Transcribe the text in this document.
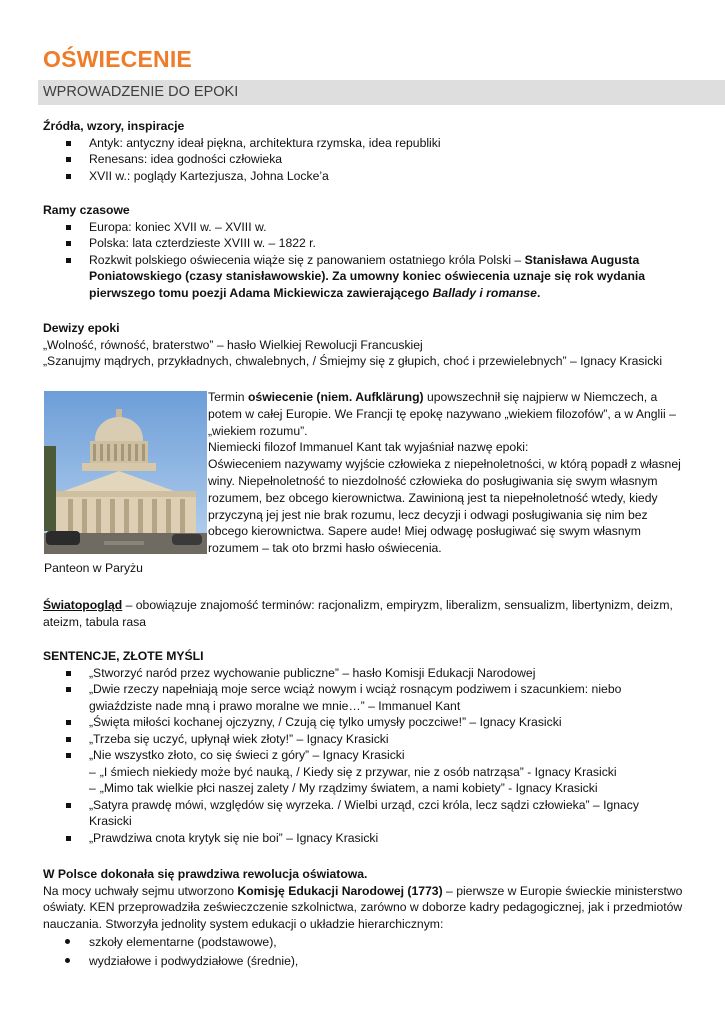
OŚWIECENIE
WPROWADZENIE DO EPOKI
Źródła, wzory, inspiracje
Antyk: antyczny ideał piękna, architektura rzymska, idea republiki
Renesans: idea godności człowieka
XVII w.: poglądy Kartezjusza, Johna Locke’a
Ramy czasowe
Europa: koniec XVII w. – XVIII w.
Polska: lata czterdzieste XVIII w. – 1822 r.
Rozkwit polskiego oświecenia wiąże się z panowaniem ostatniego króla Polski – Stanisława Augusta Poniatowskiego (czasy stanisławowskie). Za umowny koniec oświecenia uznaje się rok wydania pierwszego tomu poezji Adama Mickiewicza zawierającego Ballady i romanse.
Dewizy epoki
„Wolność, równość, braterstwo” – hasło Wielkiej Rewolucji Francuskiej
„Szanujmy mądrych, przykładnych, chwalebnych, / Śmiejmy się z głupich, choć i przewielebnych” – Ignacy Krasicki
Panteon w Paryżu
Termin oświecenie (niem. Aufklärung) upowszechnił się najpierw w Niemczech, a potem w całej Europie. We Francji tę epokę nazywano „wiekiem filozofów”, a w Anglii – „wiekiem rozumu”.
Niemiecki filozof Immanuel Kant tak wyjaśniał nazwę epoki:
Oświeceniem nazywamy wyjście człowieka z niepełnoletności, w którą popadł z własnej winy. Niepełnoletność to niezdolność człowieka do posługiwania się swym własnym rozumem, bez obcego kierownictwa. Zawinioną jest ta niepełnoletność wtedy, kiedy przyczyną jej jest nie brak rozumu, lecz decyzji i odwagi posługiwania się nim bez obcego kierownictwa. Sapere aude! Miej odwagę posługiwać się swym własnym rozumem – tak oto brzmi hasło oświecenia.
Światopogląd – obowiązuje znajomość terminów: racjonalizm, empiryzm, liberalizm, sensualizm, libertynizm, deizm, ateizm, tabula rasa
SENTENCJE, ZŁOTE MYŚLI
„Stworzyć naród przez wychowanie publiczne” – hasło Komisji Edukacji Narodowej
„Dwie rzeczy napełniają moje serce wciąż nowym i wciąż rosnącym podziwem i szacunkiem: niebo gwiaździste nade mną i prawo moralne we mnie…” – Immanuel Kant
„Święta miłości kochanej ojczyzny, / Czują cię tylko umysły poczciwe!” – Ignacy Krasicki
„Trzeba się uczyć, upłynął wiek złoty!” – Ignacy Krasicki
„Nie wszystko złoto, co się świeci z góry” – Ignacy Krasicki
– „I śmiech niekiedy może być nauką, / Kiedy się z przywar, nie z osób natrząsa” - Ignacy Krasicki
– „Mimo tak wielkie płci naszej zalety / My rządzimy światem, a nami kobiety” - Ignacy Krasicki
„Satyra prawdę mówi, względów się wyrzeka. / Wielbi urząd, czci króla, lecz sądzi człowieka” – Ignacy Krasicki
„Prawdziwa cnota krytyk się nie boi” – Ignacy Krasicki
W Polsce dokonała się prawdziwa rewolucja oświatowa.
Na mocy uchwały sejmu utworzono Komisję Edukacji Narodowej (1773) – pierwsze w Europie świeckie ministerstwo oświaty. KEN przeprowadziła ześwieczczenie szkolnictwa, zarówno w doborze kadry pedagogicznej, jak i przedmiotów nauczania. Stworzyła jednolity system edukacji o układzie hierarchicznym:
szkoły elementarne (podstawowe),
wydziałowe i podwydziałowe (średnie),
